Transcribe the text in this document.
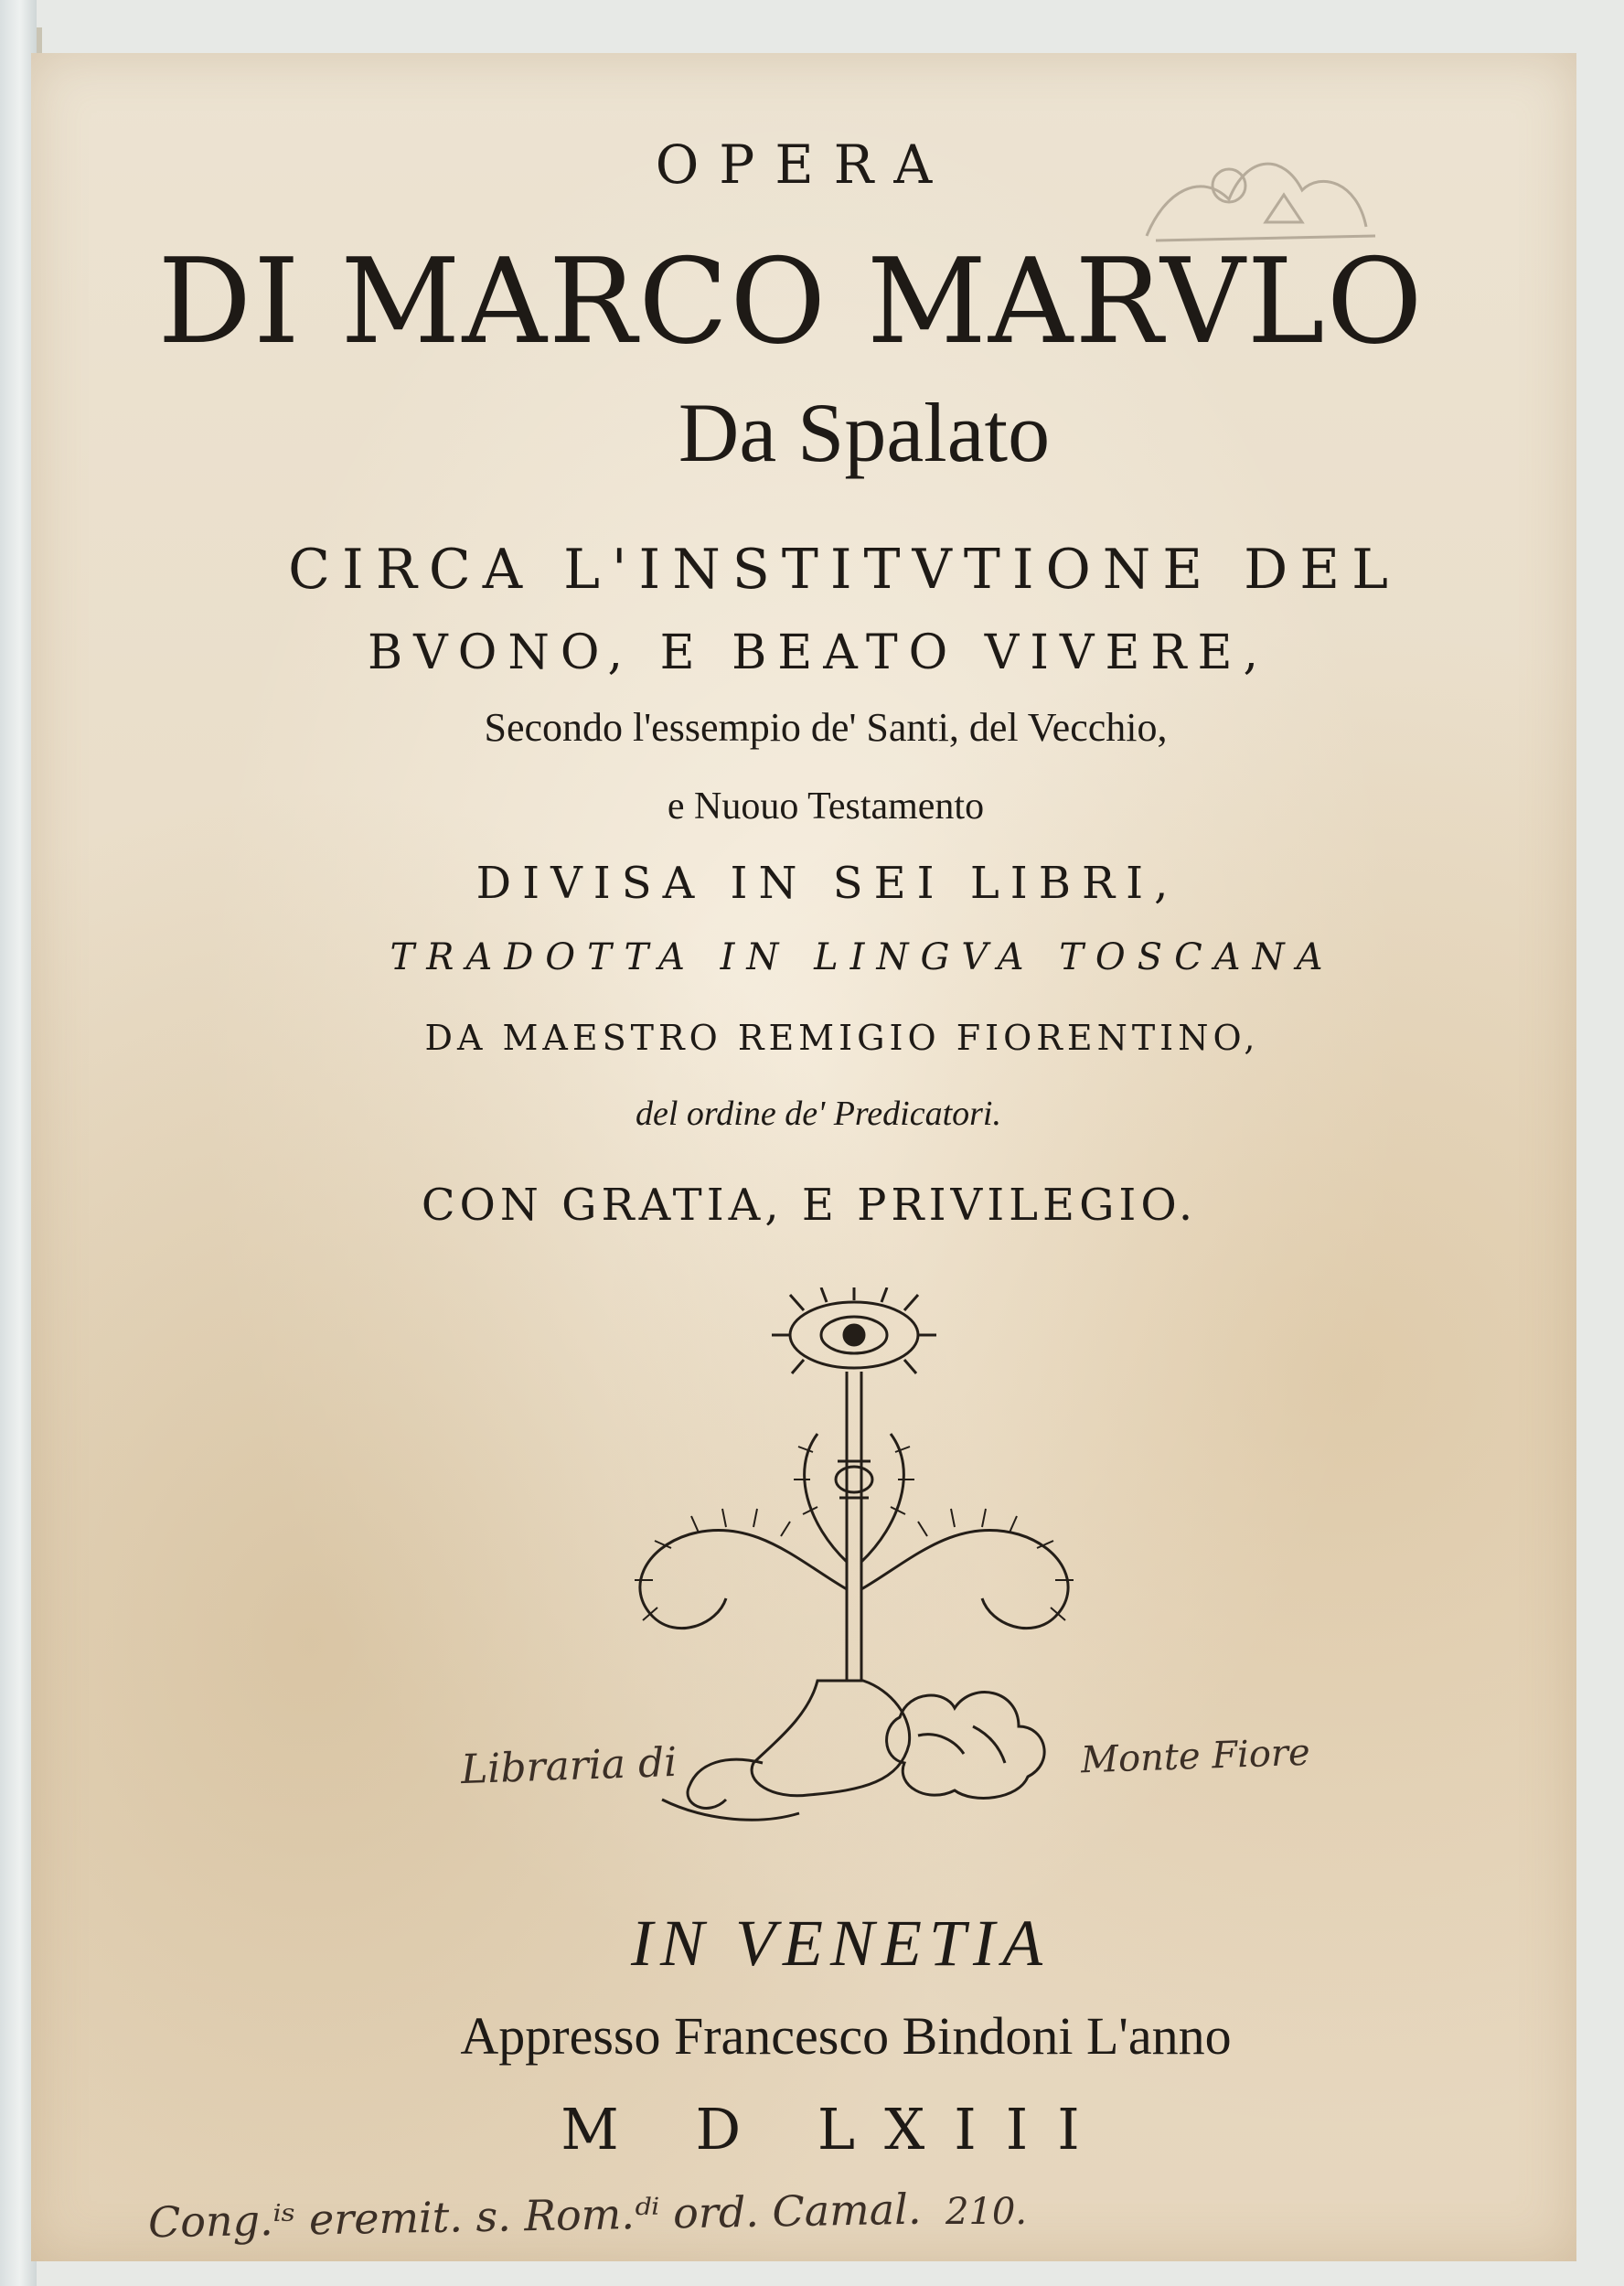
OPERA
DI MARCO MARVLO
Da Spalato
CIRCA L'INSTITVTIONE DEL
BVONO, E BEATO VIVERE,
Secondo l'essempio de' Santi, del Vecchio,
e Nuouo Testamento
DIVISA IN SEI LIBRI,
TRADOTTA IN LINGVA TOSCANA
DA MAESTRO REMIGIO FIORENTINO,
del ordine de' Predicatori.
CON GRATIA, E PRIVILEGIO.
Libraria di	Monte Fiore
IN VENETIA
Appresso Francesco Bindoni L'anno
M D LXIII
Cong.ⁱˢ eremit. s. Rom.ᵈⁱ ord. Camal. 210.
